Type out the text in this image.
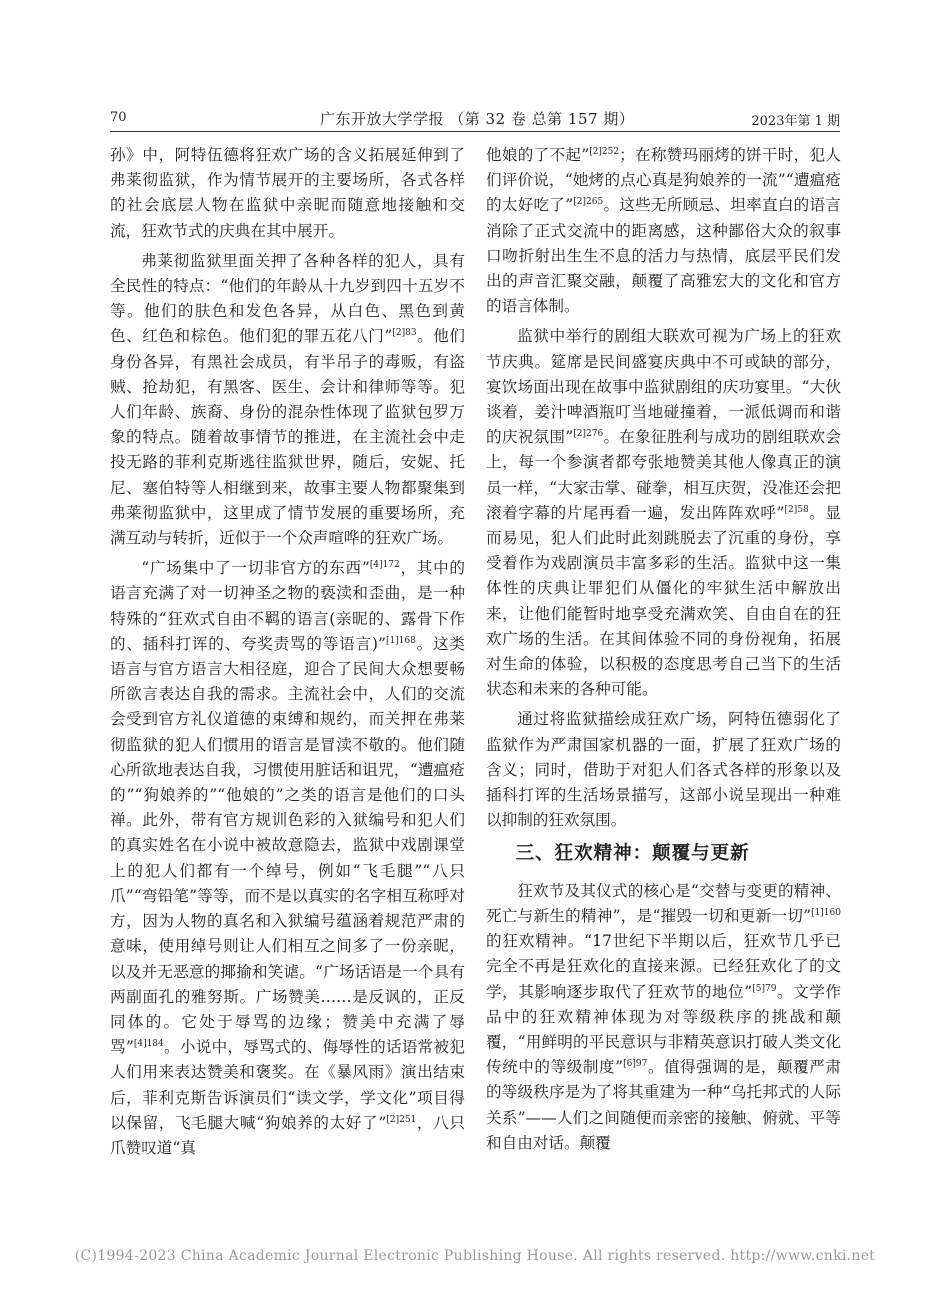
70	广东开放大学学报 （第 32 卷 总第 157 期）	2023年第 1 期

孙》中，阿特伍德将狂欢广场的含义拓展延伸到了弗莱彻监狱，作为情节展开的主要场所，各式各样的社会底层人物在监狱中亲昵而随意地接触和交流，狂欢节式的庆典在其中展开。

弗莱彻监狱里面关押了各种各样的犯人，具有全民性的特点：“他们的年龄从十九岁到四十五岁不等。他们的肤色和发色各异，从白色、黑色到黄色、红色和棕色。他们犯的罪五花八门”$^{[2]83}$。他们身份各异，有黑社会成员，有半吊子的毒贩，有盗贼、抢劫犯，有黑客、医生、会计和律师等等。犯人们年龄、族裔、身份的混杂性体现了监狱包罗万象的特点。随着故事情节的推进，在主流社会中走投无路的菲利克斯逃往监狱世界，随后，安妮、托尼、塞伯特等人相继到来，故事主要人物都聚集到弗莱彻监狱中，这里成了情节发展的重要场所，充满互动与转折，近似于一个众声喧哗的狂欢广场。

“广场集中了一切非官方的东西”$^{[4]172}$，其中的语言充满了对一切神圣之物的亵渎和歪曲，是一种特殊的“狂欢式自由不羁的语言(亲昵的、露骨下作的、插科打诨的、夸奖责骂的等语言)”$^{[1]168}$。这类语言与官方语言大相径庭，迎合了民间大众想要畅所欲言表达自我的需求。主流社会中，人们的交流会受到官方礼仪道德的束缚和规约，而关押在弗莱彻监狱的犯人们惯用的语言是冒渎不敬的。他们随心所欲地表达自我，习惯使用脏话和诅咒，“遭瘟疮的”“狗娘养的”“他娘的”之类的语言是他们的口头禅。此外，带有官方规训色彩的入狱编号和犯人们的真实姓名在小说中被故意隐去，监狱中戏剧课堂上的犯人们都有一个绰号，例如“飞毛腿”“八只爪”“弯铅笔”等等，而不是以真实的名字相互称呼对方，因为人物的真名和入狱编号蕴涵着规范严肃的意味，使用绰号则让人们相互之间多了一份亲昵，以及并无恶意的揶揄和笑谑。“广场话语是一个具有两副面孔的雅努斯。广场赞美……是反讽的，正反同体的。它处于辱骂的边缘；赞美中充满了辱骂”$^{[4]184}$。小说中，辱骂式的、侮辱性的话语常被犯人们用来表达赞美和褒奖。在《暴风雨》演出结束后，菲利克斯告诉演员们“读文学，学文化”项目得以保留，飞毛腿大喊“狗娘养的太好了”$^{[2]251}$，八只爪赞叹道“真

他娘的了不起”$^{[2]252}$；在称赞玛丽烤的饼干时，犯人们评价说，“她烤的点心真是狗娘养的一流”“遭瘟疮的太好吃了”$^{[2]265}$。这些无所顾忌、坦率直白的语言消除了正式交流中的距离感，这种鄙俗大众的叙事口吻折射出生生不息的活力与热情，底层平民们发出的声音汇聚交融，颠覆了高雅宏大的文化和官方的语言体制。

监狱中举行的剧组大联欢可视为广场上的狂欢节庆典。筵席是民间盛宴庆典中不可或缺的部分，宴饮场面出现在故事中监狱剧组的庆功宴里。“大伙谈着，姜汁啤酒瓶叮当地碰撞着，一派低调而和谐的庆祝氛围”$^{[2]276}$。在象征胜利与成功的剧组联欢会上，每一个参演者都夸张地赞美其他人像真正的演员一样，“大家击掌、碰拳，相互庆贺，没准还会把滚着字幕的片尾再看一遍，发出阵阵欢呼”$^{[2]58}$。显而易见，犯人们此时此刻跳脱去了沉重的身份，享受着作为戏剧演员丰富多彩的生活。监狱中这一集体性的庆典让罪犯们从僵化的牢狱生活中解放出来，让他们能暂时地享受充满欢笑、自由自在的狂欢广场的生活。在其间体验不同的身份视角，拓展对生命的体验，以积极的态度思考自己当下的生活状态和未来的各种可能。

通过将监狱描绘成狂欢广场，阿特伍德弱化了监狱作为严肃国家机器的一面，扩展了狂欢广场的含义；同时，借助于对犯人们各式各样的形象以及插科打诨的生活场景描写，这部小说呈现出一种难以抑制的狂欢氛围。

三、狂欢精神：颠覆与更新

狂欢节及其仪式的核心是“交替与变更的精神、死亡与新生的精神”，是“摧毁一切和更新一切”$^{[1]160}$的狂欢精神。“17世纪下半期以后，狂欢节几乎已完全不再是狂欢化的直接来源。已经狂欢化了的文学，其影响逐步取代了狂欢节的地位”$^{[5]79}$。文学作品中的狂欢精神体现为对等级秩序的挑战和颠覆，“用鲜明的平民意识与非精英意识打破人类文化传统中的等级制度”$^{[6]97}$。值得强调的是，颠覆严肃的等级秩序是为了将其重建为一种“乌托邦式的人际关系”——人们之间随便而亲密的接触、俯就、平等和自由对话。颠覆

(C)1994-2023 China Academic Journal Electronic Publishing House. All rights reserved. http://www.cnki.net
